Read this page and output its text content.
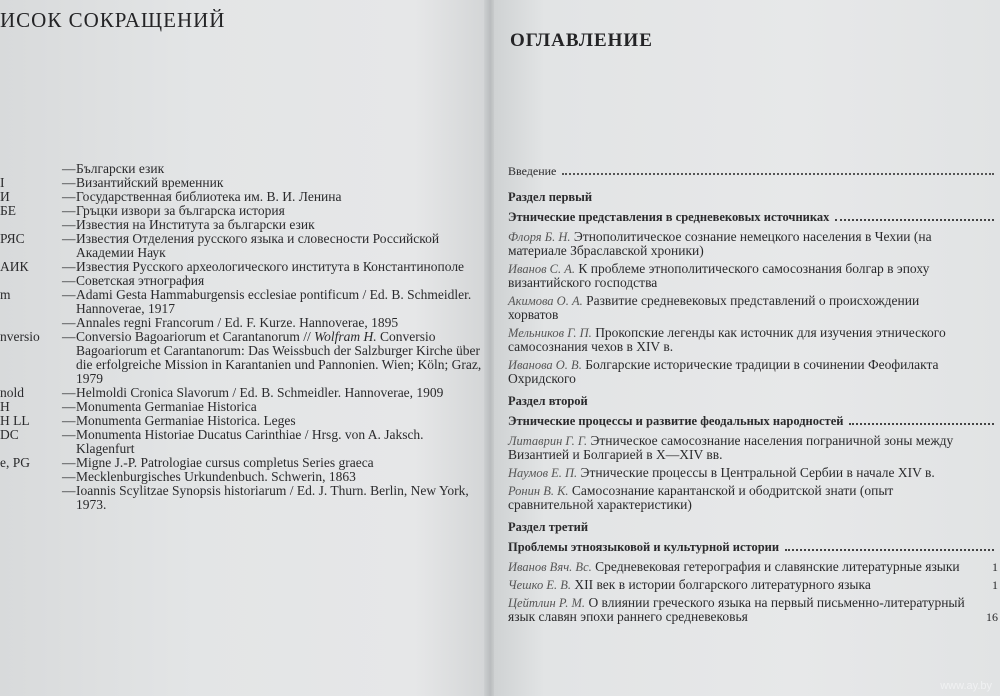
ИСОК СОКРАЩЕНИЙ
— Български език
I	— Византийский временник
И	— Государственная библиотека им. В. И. Ленина
БЕ	— Гръцки извори за българска история
— Известия на Института за български език
РЯС	— Известия Отделения русского языка и словесности Российской Академии Наук
АИК — Известия Русского археологического института в Константинополе
— Советская этнография
m	— Adami Gesta Hammaburgensis ecclesiae pontificum / Ed. B. Schmeidler. Hannoverae, 1917
— Annales regni Francorum / Ed. F. Kurze. Hannoverae, 1895
nversio — Conversio Bagoariorum et Carantanorum // Wolfram H. Conversio Bagoariorum et Carantanorum: Das Weissbuch der Salzburger Kirche über die erfolgreiche Mission in Karantanien und Pannonien. Wien; Köln; Graz, 1979
nold	— Helmoldi Cronica Slavorum / Ed. B. Schmeidler. Hannoverae, 1909
H	— Monumenta Germaniae Historica
H LL — Monumenta Germaniae Historica. Leges
DC	— Monumenta Historiae Ducatus Carinthiae / Hrsg. von A. Jaksch. Klagenfurt
e, PG — Migne J.-P. Patrologiae cursus completus Series graeca
— Mecklenburgisches Urkundenbuch. Schwerin, 1863
— Ioannis Scylitzae Synopsis historiarum / Ed. J. Thurn. Berlin, New York, 1973.
ОГЛАВЛЕНИЕ
Введение
Раздел первый
Этнические представления в средневековых источниках
Флоря Б. Н. Этнополитическое сознание немецкого населения в Чехии (на материале Збраславской хроники)
Иванов С. А. К проблеме этнополитического самосознания болгар в эпоху византийского господства
Акимова О. А. Развитие средневековых представлений о происхождении хорватов
Мельников Г. П. Прокопские легенды как источник для изучения этнического самосознания чехов в XIV в.
Иванова О. В. Болгарские исторические традиции в сочинении Феофилакта Охридского
Раздел второй
Этнические процессы и развитие феодальных народностей
Литаврин Г. Г. Этническое самосознание населения пограничной зоны между Византией и Болгарией в X—XIV вв.
Наумов Е. П. Этнические процессы в Центральной Сербии в начале XIV в.
Ронин В. К. Самосознание карантанской и ободритской знати (опыт сравнительной характеристики)
Раздел третий
Проблемы этноязыковой и культурной истории
Иванов Вяч. Вс. Средневековая гетерография и славянские литературные языки	1
Чешко Е. В. XII век в истории болгарского литературного языка	1
Цейтлин Р. М. О влиянии греческого языка на первый письменно-литературный язык славян эпохи раннего средневековья	16
www.ay.by
